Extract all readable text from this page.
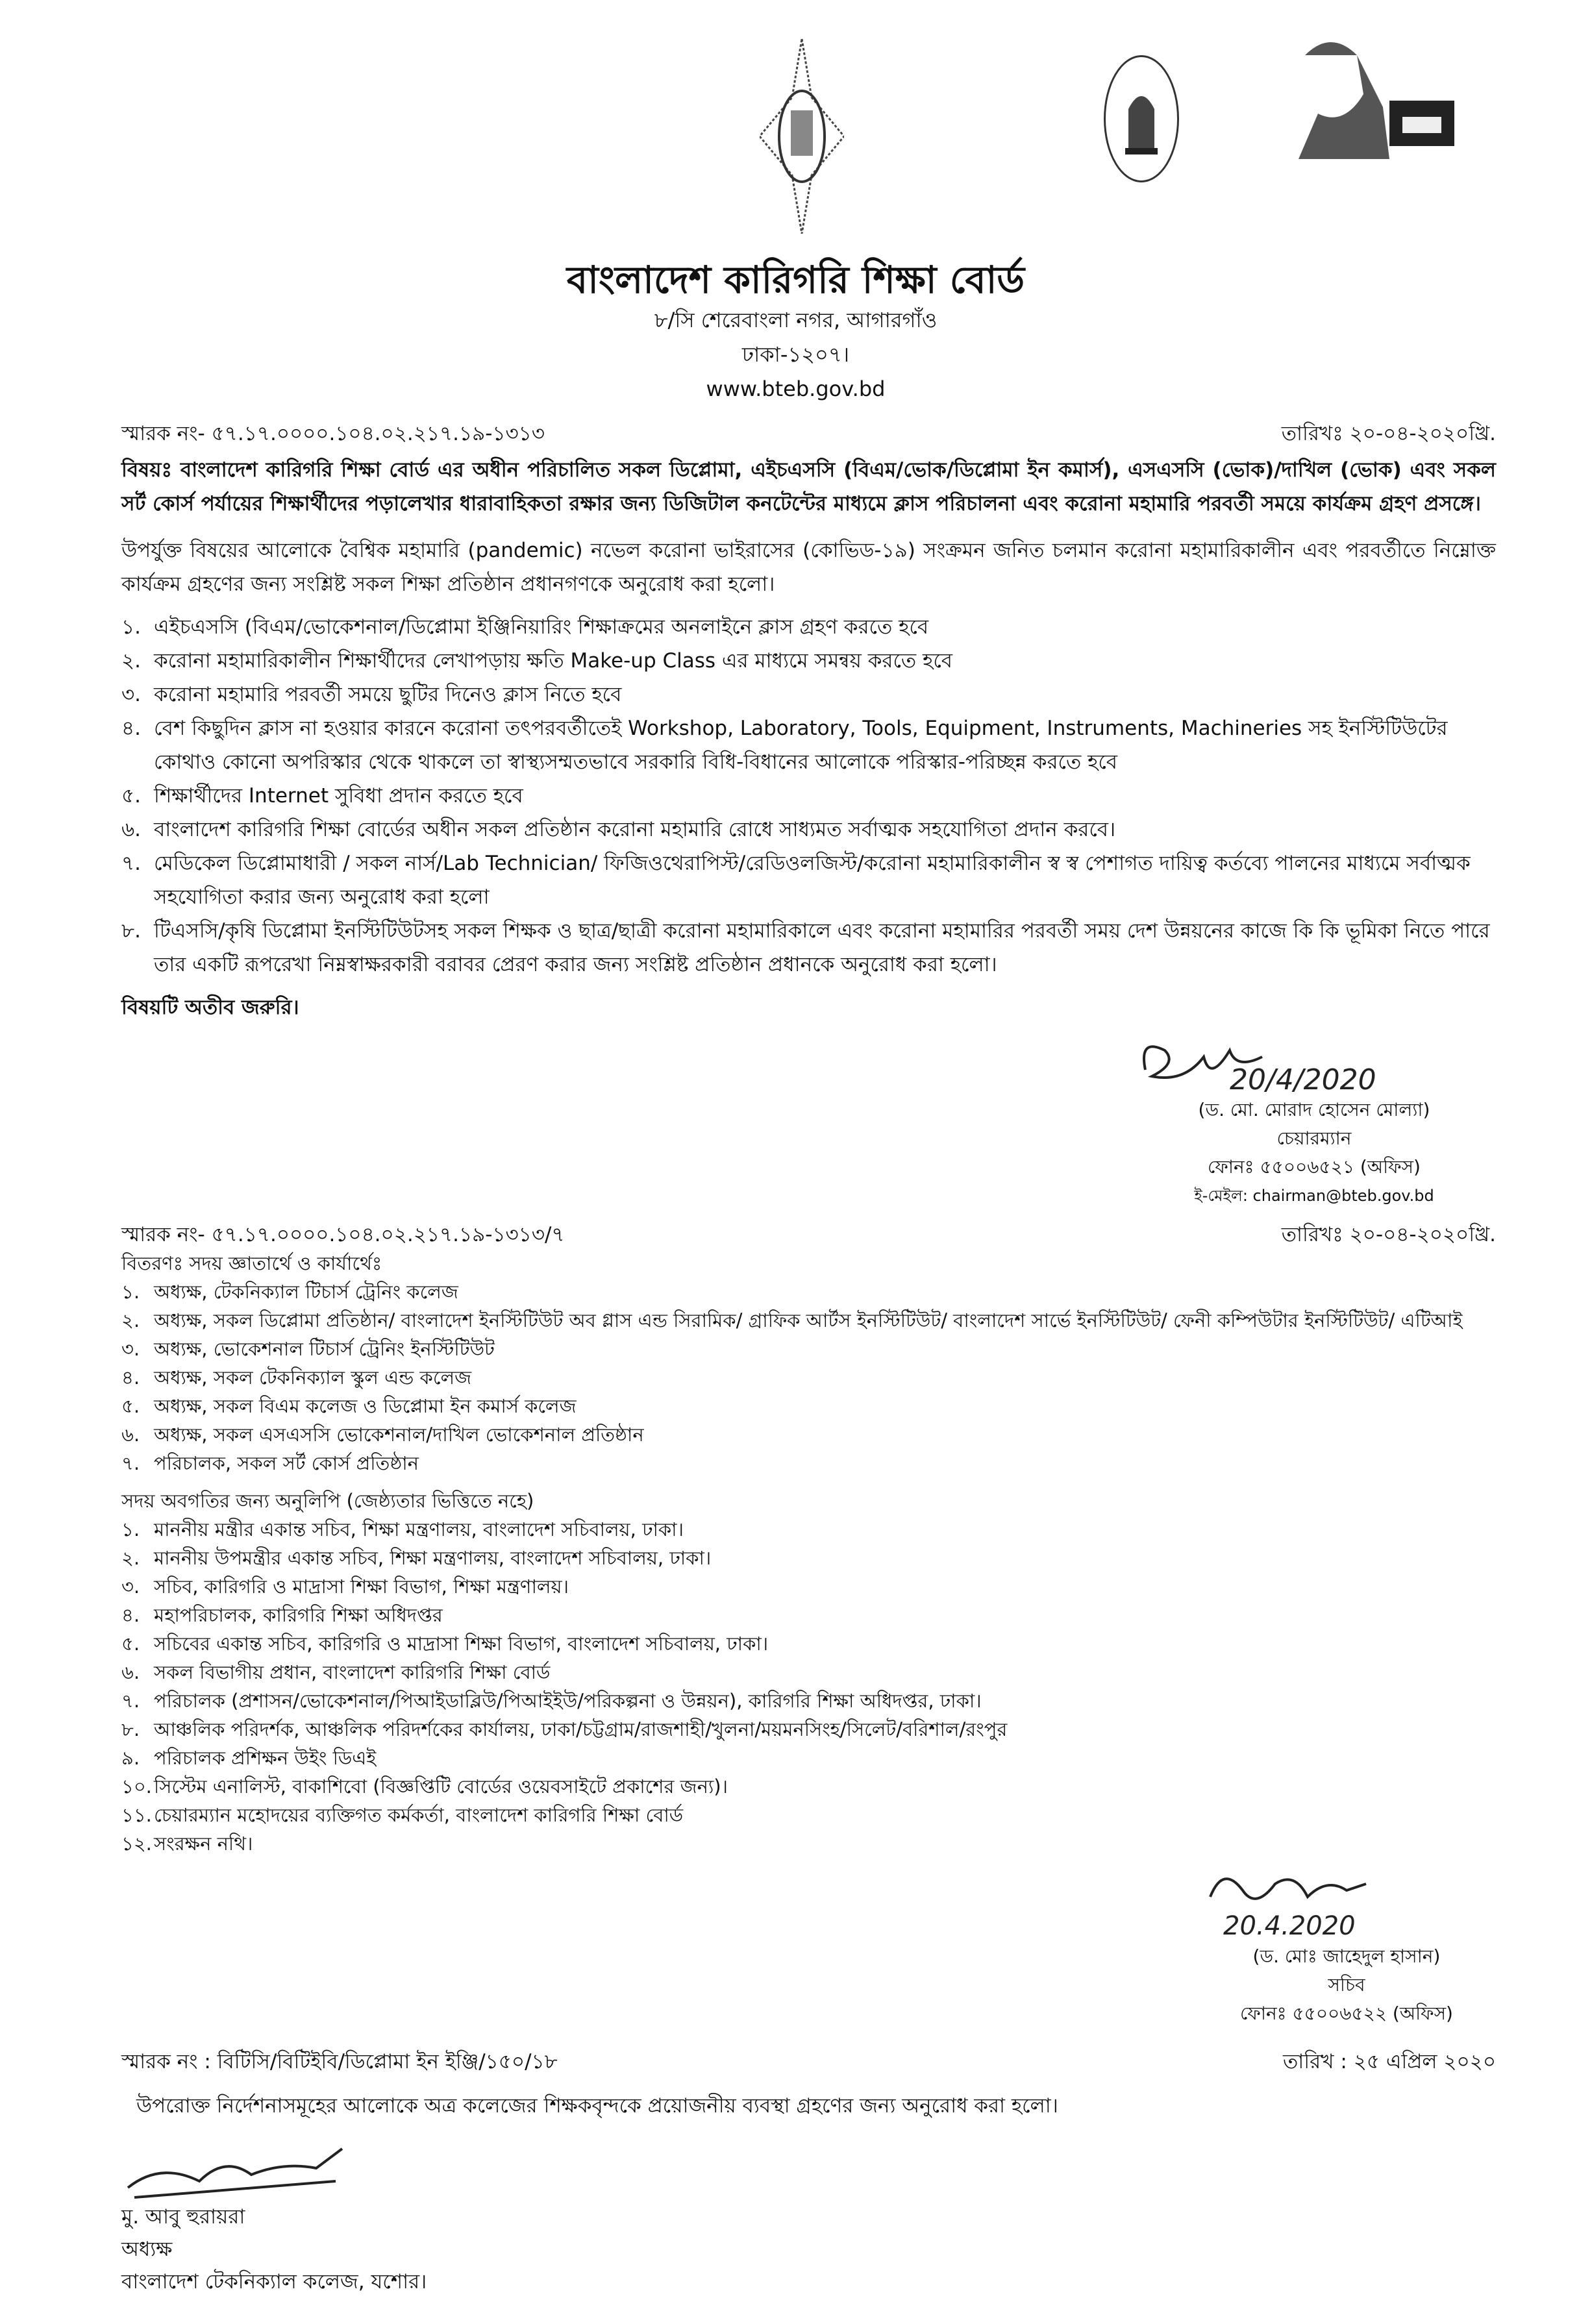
বাংলাদেশ কারিগরি শিক্ষা বোর্ড
৮/সি শেরেবাংলা নগর, আগারগাঁও
ঢাকা-১২০৭।
www.bteb.gov.bd
স্মারক নং- ৫৭.১৭.০০০০.১০৪.০২.২১৭.১৯-১৩১৩	তারিখঃ ২০-০৪-২০২০খ্রি.
বিষয়ঃ বাংলাদেশ কারিগরি শিক্ষা বোর্ড এর অধীন পরিচালিত সকল ডিপ্লোমা, এইচএসসি (বিএম/ভোক/ডিপ্লোমা ইন কমার্স), এসএসসি (ভোক)/দাখিল (ভোক) এবং সকল সর্ট কোর্স পর্যায়ের শিক্ষার্থীদের পড়ালেখার ধারাবাহিকতা রক্ষার জন্য ডিজিটাল কনটেন্টের মাধ্যমে ক্লাস পরিচালনা এবং করোনা মহামারি পরবর্তী সময়ে কার্যক্রম গ্রহণ প্রসঙ্গে।
উপর্যুক্ত বিষয়ের আলোকে বৈশ্বিক মহামারি (pandemic) নভেল করোনা ভাইরাসের (কোভিড-১৯) সংক্রমন জনিত চলমান করোনা মহামারিকালীন এবং পরবর্তীতে নিম্নোক্ত কার্যক্রম গ্রহণের জন্য সংশ্লিষ্ট সকল শিক্ষা প্রতিষ্ঠান প্রধানগণকে অনুরোধ করা হলো।
১. এইচএসসি (বিএম/ভোকেশনাল/ডিপ্লোমা ইঞ্জিনিয়ারিং শিক্ষাক্রমের অনলাইনে ক্লাস গ্রহণ করতে হবে
২. করোনা মহামারিকালীন শিক্ষার্থীদের লেখাপড়ায় ক্ষতি Make-up Class এর মাধ্যমে সমন্বয় করতে হবে
৩. করোনা মহামারি পরবর্তী সময়ে ছুটির দিনেও ক্লাস নিতে হবে
৪. বেশ কিছুদিন ক্লাস না হওয়ার কারনে করোনা তৎপরবর্তীতেই Workshop, Laboratory, Tools, Equipment, Instruments, Machineries সহ ইনস্টিটিউটের কোথাও কোনো অপরিস্কার থেকে থাকলে তা স্বাস্থ্যসম্মতভাবে সরকারি বিধি-বিধানের আলোকে পরিস্কার-পরিচ্ছন্ন করতে হবে
৫. শিক্ষার্থীদের Internet সুবিধা প্রদান করতে হবে
৬. বাংলাদেশ কারিগরি শিক্ষা বোর্ডের অধীন সকল প্রতিষ্ঠান করোনা মহামারি রোধে সাধ্যমত সর্বাত্মক সহযোগিতা প্রদান করবে।
৭. মেডিকেল ডিপ্লোমাধারী / সকল নার্স/Lab Technician/ ফিজিওথেরাপিস্ট/রেডিওলজিস্ট/করোনা মহামারিকালীন স্ব স্ব পেশাগত দায়িত্ব কর্তব্যে পালনের মাধ্যমে সর্বাত্মক সহযোগিতা করার জন্য অনুরোধ করা হলো
৮. টিএসসি/কৃষি ডিপ্লোমা ইনস্টিটিউটসহ সকল শিক্ষক ও ছাত্র/ছাত্রী করোনা মহামারিকালে এবং করোনা মহামারির পরবর্তী সময় দেশ উন্নয়নের কাজে কি কি ভূমিকা নিতে পারে তার একটি রূপরেখা নিম্নস্বাক্ষরকারী বরাবর প্রেরণ করার জন্য সংশ্লিষ্ট প্রতিষ্ঠান প্রধানকে অনুরোধ করা হলো।
বিষয়টি অতীব জরুরি।
20/4/2020
(ড. মো. মোরাদ হোসেন মোল্যা)
চেয়ারম্যান
ফোনঃ ৫৫০০৬৫২১ (অফিস)
ই-মেইল: chairman@bteb.gov.bd
স্মারক নং- ৫৭.১৭.০০০০.১০৪.০২.২১৭.১৯-১৩১৩/৭	তারিখঃ ২০-০৪-২০২০খ্রি.
বিতরণঃ সদয় জ্ঞাতার্থে ও কার্যার্থেঃ
১. অধ্যক্ষ, টেকনিক্যাল টিচার্স ট্রেনিং কলেজ
২. অধ্যক্ষ, সকল ডিপ্লোমা প্রতিষ্ঠান/ বাংলাদেশ ইনস্টিটিউট অব গ্লাস এন্ড সিরামিক/ গ্রাফিক আর্টস ইনস্টিটিউট/ বাংলাদেশ সার্ভে ইনস্টিটিউট/ ফেনী কম্পিউটার ইনস্টিটিউট/ এটিআই
৩. অধ্যক্ষ, ভোকেশনাল টিচার্স ট্রেনিং ইনস্টিটিউট
৪. অধ্যক্ষ, সকল টেকনিক্যাল স্কুল এন্ড কলেজ
৫. অধ্যক্ষ, সকল বিএম কলেজ ও ডিপ্লোমা ইন কমার্স কলেজ
৬. অধ্যক্ষ, সকল এসএসসি ভোকেশনাল/দাখিল ভোকেশনাল প্রতিষ্ঠান
৭. পরিচালক, সকল সর্ট কোর্স প্রতিষ্ঠান
সদয় অবগতির জন্য অনুলিপি (জেষ্ঠ্যতার ভিত্তিতে নহে)
১. মাননীয় মন্ত্রীর একান্ত সচিব, শিক্ষা মন্ত্রণালয়, বাংলাদেশ সচিবালয়, ঢাকা।
২. মাননীয় উপমন্ত্রীর একান্ত সচিব, শিক্ষা মন্ত্রণালয়, বাংলাদেশ সচিবালয়, ঢাকা।
৩. সচিব, কারিগরি ও মাদ্রাসা শিক্ষা বিভাগ, শিক্ষা মন্ত্রণালয়।
৪. মহাপরিচালক, কারিগরি শিক্ষা অধিদপ্তর
৫. সচিবের একান্ত সচিব, কারিগরি ও মাদ্রাসা শিক্ষা বিভাগ, বাংলাদেশ সচিবালয়, ঢাকা।
৬. সকল বিভাগীয় প্রধান, বাংলাদেশ কারিগরি শিক্ষা বোর্ড
৭. পরিচালক (প্রশাসন/ভোকেশনাল/পিআইডাব্লিউ/পিআইইউ/পরিকল্পনা ও উন্নয়ন), কারিগরি শিক্ষা অধিদপ্তর, ঢাকা।
৮. আঞ্চলিক পরিদর্শক, আঞ্চলিক পরিদর্শকের কার্যালয়, ঢাকা/চট্টগ্রাম/রাজশাহী/খুলনা/ময়মনসিংহ/সিলেট/বরিশাল/রংপুর
৯. পরিচালক প্রশিক্ষন উইং ডিএই
১০. সিস্টেম এনালিস্ট, বাকাশিবো (বিজ্ঞপ্তিটি বোর্ডের ওয়েবসাইটে প্রকাশের জন্য)।
১১. চেয়ারম্যান মহোদয়ের ব্যক্তিগত কর্মকর্তা, বাংলাদেশ কারিগরি শিক্ষা বোর্ড
১২. সংরক্ষন নথি।
20.4.2020
(ড. মোঃ জাহেদুল হাসান)
সচিব
ফোনঃ ৫৫০০৬৫২২ (অফিস)
স্মারক নং : বিটিসি/বিটিইবি/ডিপ্লোমা ইন ইঞ্জি/১৫০/১৮	তারিখ : ২৫ এপ্রিল ২০২০
উপরোক্ত নির্দেশনাসমূহের আলোকে অত্র কলেজের শিক্ষকবৃন্দকে প্রয়োজনীয় ব্যবস্থা গ্রহণের জন্য অনুরোধ করা হলো।
মু. আবু হুরায়রা
অধ্যক্ষ
বাংলাদেশ টেকনিক্যাল কলেজ, যশোর।
